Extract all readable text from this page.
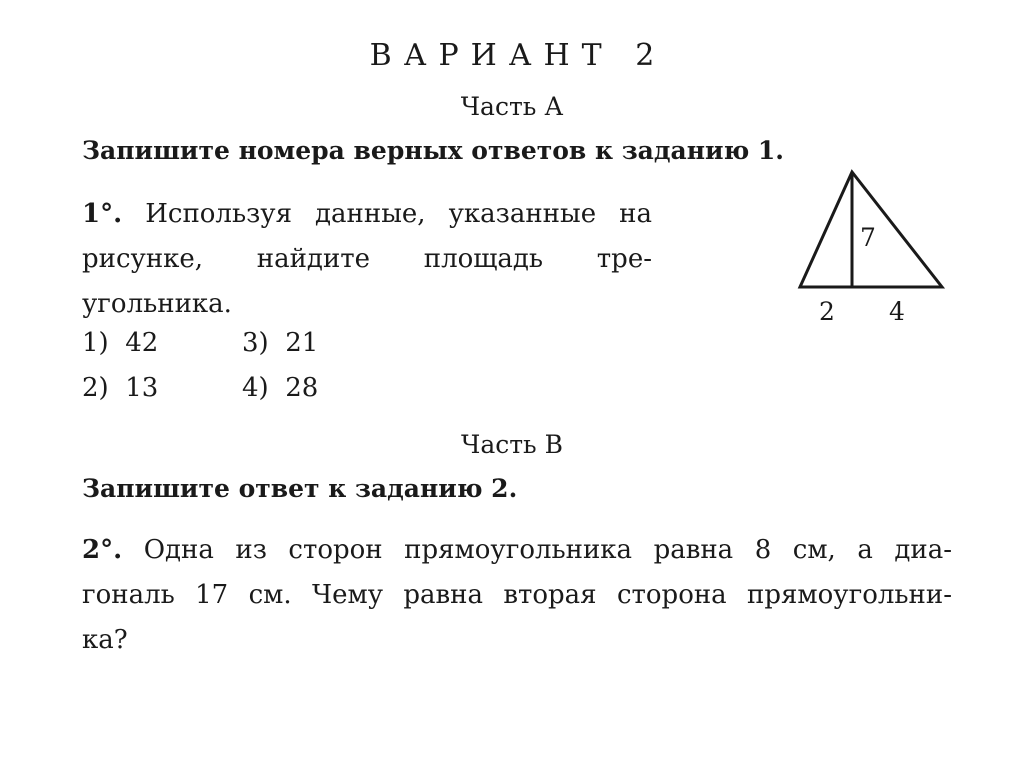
ВАРИАНТ 2
Часть А
Запишите номера верных ответов к заданию 1.
1°. Используя данные, указанные на рисунке, найдите площадь тре-
угольника.
1) 42	3) 21
2) 13	4) 28
7
2 4
Часть В
Запишите ответ к заданию 2.
2°. Одна из сторон прямоугольника равна 8 см, а диа-
гональ 17 см. Чему равна вторая сторона прямоугольни-
ка?
